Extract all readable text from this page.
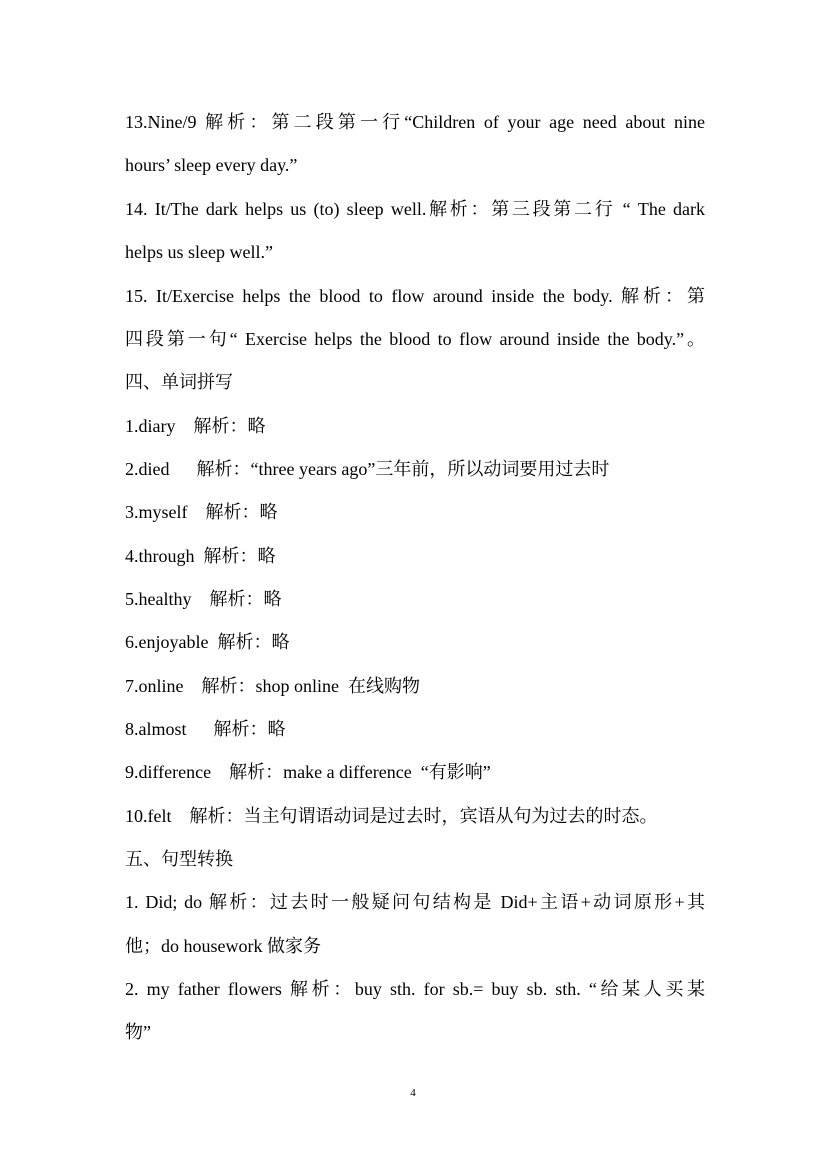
13.Nine/9 解析：第二段第一行“Children of your age need about nine
hours’ sleep every day.”
14. It/The dark helps us (to) sleep well.解析：第三段第二行 “ The dark
helps us sleep well.”
15. It/Exercise helps the blood to flow around inside the body. 解析：第
四段第一句“ Exercise helps the blood to flow around inside the body.”。
四、单词拼写
1.diary    解析：略
2.died      解析：“three years ago”三年前，所以动词要用过去时
3.myself    解析：略
4.through  解析：略
5.healthy    解析：略
6.enjoyable  解析：略
7.online    解析：shop online  在线购物
8.almost      解析：略
9.difference    解析：make a difference  “有影响”
10.felt    解析：当主句谓语动词是过去时，宾语从句为过去的时态。
五、句型转换
1. Did; do 解析：过去时一般疑问句结构是 Did+主语+动词原形+其
他；do housework 做家务
2. my father flowers 解析：buy sth. for sb.= buy sb. sth. “给某人买某
物”
4
